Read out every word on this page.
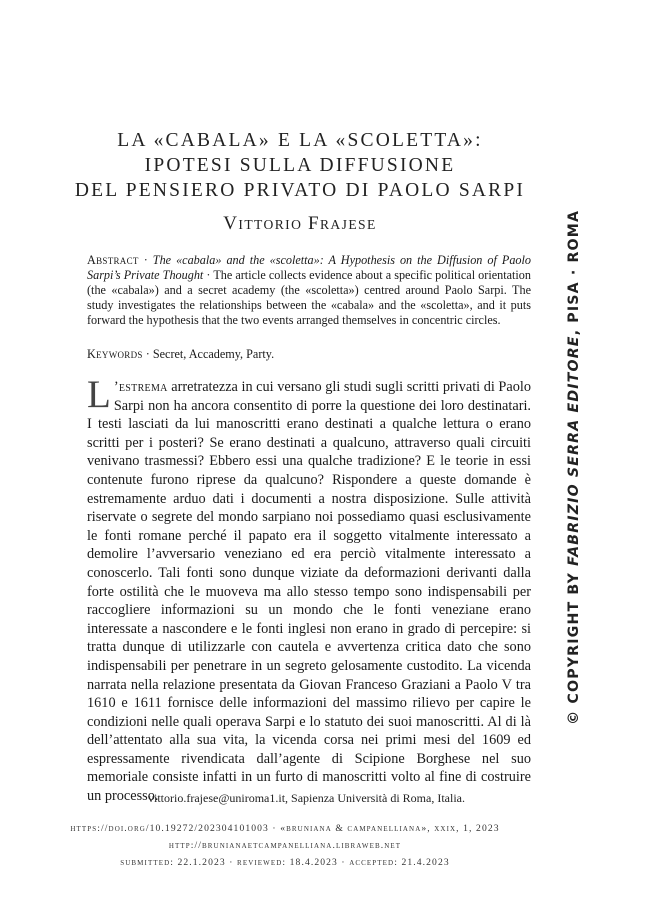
LA «CABALA» E LA «SCOLETTA»:
IPOTESI SULLA DIFFUSIONE
DEL PENSIERO PRIVATO DI PAOLO SARPI
VITTORIO FRAJESE
Abstract · The «cabala» and the «scoletta»: A Hypothesis on the Diffusion of Paolo Sarpi’s Private Thought · The article collects evidence about a specific political orientation (the «cabala») and a secret academy (the «scoletta») centred around Paolo Sarpi. The study investigates the relationships between the «cabala» and the «scoletta», and it puts forward the hypothesis that the two events arranged themselves in concentric circles.
Keywords · Secret, Accademy, Party.
L ’estrema arretratezza in cui versano gli studi sugli scritti privati di Paolo Sarpi non ha ancora consentito di porre la questione dei loro destinatari. I testi lasciati da lui manoscritti erano destinati a qualche lettura o erano scritti per i posteri? Se erano destinati a qualcuno, attraverso quali circuiti venivano trasmessi? Ebbero essi una qualche tradizione? E le teorie in essi contenute furono riprese da qualcuno? Rispondere a queste domande è estremamente arduo dati i documenti a nostra disposizione. Sulle attività riservate o segrete del mondo sarpiano noi possediamo quasi esclusivamente le fonti romane perché il papato era il soggetto vitalmente interessato a demolire l’avversario veneziano ed era perciò vitalmente interessato a conoscerlo. Tali fonti sono dunque viziate da deformazioni derivanti dalla forte ostilità che le muoveva ma allo stesso tempo sono indispensabili per raccogliere informazioni su un mondo che le fonti veneziane erano interessate a nascondere e le fonti inglesi non erano in grado di percepire: si tratta dunque di utilizzarle con cautela e avvertenza critica dato che sono indispensabili per penetrare in un segreto gelosamente custodito. La vicenda narrata nella relazione presentata da Giovan Franceso Graziani a Paolo V tra 1610 e 1611 fornisce delle informazioni del massimo rilievo per capire le condizioni nelle quali operava Sarpi e lo statuto dei suoi manoscritti. Al di là dell’attentato alla sua vita, la vicenda corsa nei primi mesi del 1609 ed espressamente rivendicata dall’agente di Scipione Borghese nel suo memoriale consiste infatti in un furto di manoscritti volto al fine di costruire un processo.
vittorio.frajese@uniroma1.it, Sapienza Università di Roma, Italia.
https://doi.org/10.19272/202304101003 · «bruniana & campanelliana», xxix, 1, 2023
http://brunianaetcampanelliana.libraweb.net
submitted: 22.1.2023 · reviewed: 18.4.2023 · accepted: 21.4.2023
© COPYRIGHT BY FABRIZIO SERRA EDITORE, PISA · ROMA
